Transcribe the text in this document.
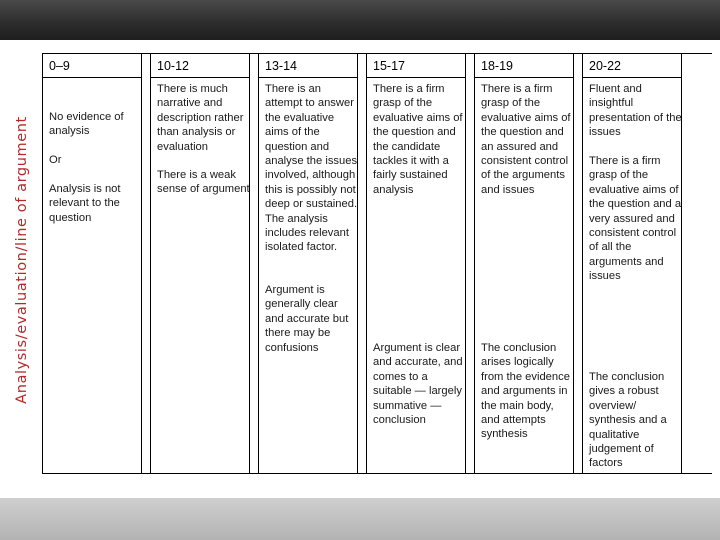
Analysis/evaluation/line of argument
0–9
No evidence of analysis
Or
Analysis is not relevant to the question
10-12
There is much narrative and description rather than analysis or evaluation
There is a weak sense of argument
13-14
There is an attempt to answer the evaluative aims of the question and analyse the issues involved, although this is possibly not deep or sustained. The analysis includes relevant isolated factor.
Argument is generally clear and accurate but there may be confusions
15-17
There is a firm grasp of the evaluative aims of the question and the candidate tackles it with a fairly sustained analysis
Argument is clear and accurate, and comes to a suitable — largely summative — conclusion
18-19
There is a firm grasp of the evaluative aims of the question and an assured and consistent control of the arguments and issues
The conclusion arises logically from the evidence and arguments in the main body, and attempts synthesis
20-22
Fluent and insightful presentation of the issues
There is a firm grasp of the evaluative aims of the question and a very assured and consistent control of all the arguments and issues
The conclusion gives a robust overview/ synthesis and a qualitative judgement of factors
